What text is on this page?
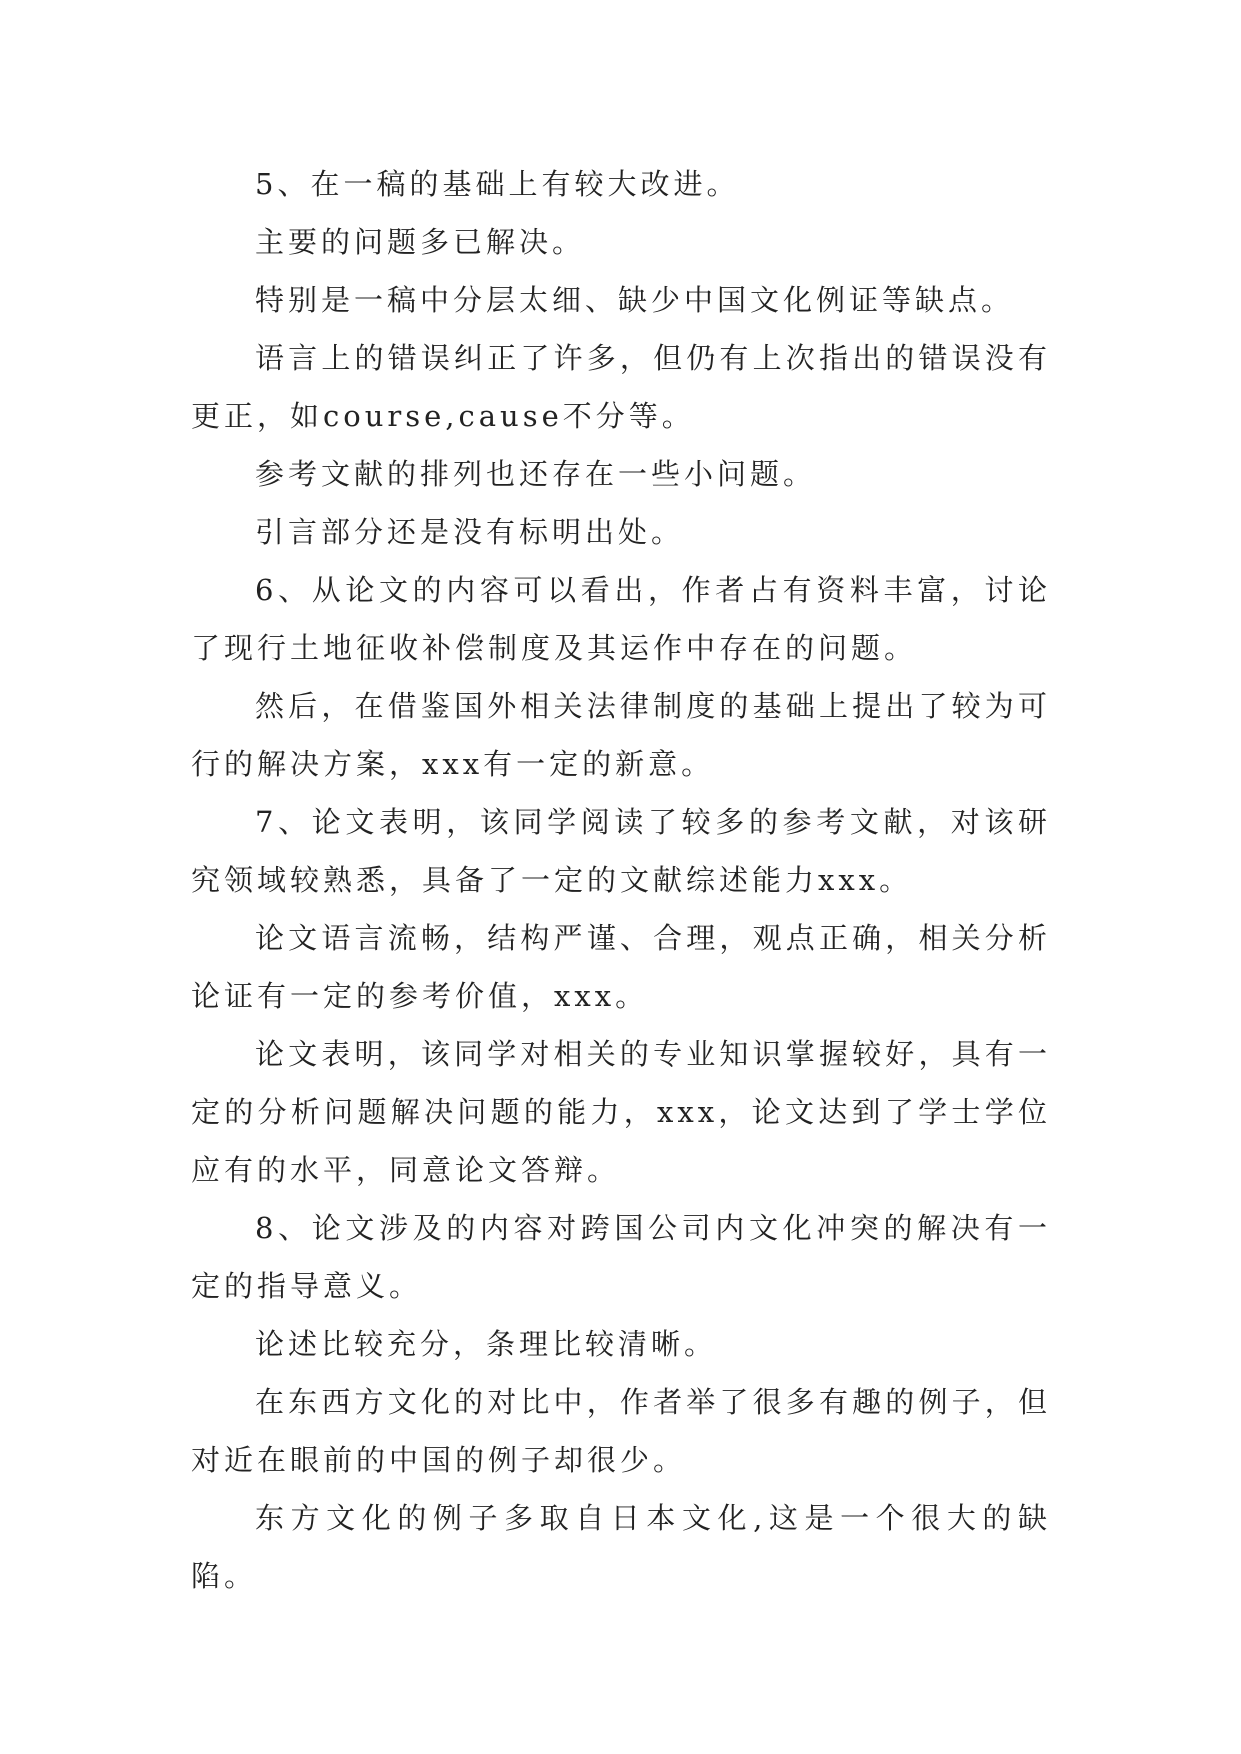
5、在一稿的基础上有较大改进。

主要的问题多已解决。

特别是一稿中分层太细、缺少中国文化例证等缺点。

语言上的错误纠正了许多，但仍有上次指出的错误没有更正，如course,cause不分等。

参考文献的排列也还存在一些小问题。

引言部分还是没有标明出处。

6、从论文的内容可以看出，作者占有资料丰富，讨论了现行土地征收补偿制度及其运作中存在的问题。

然后，在借鉴国外相关法律制度的基础上提出了较为可行的解决方案，xxx有一定的新意。

7、论文表明，该同学阅读了较多的参考文献，对该研究领域较熟悉，具备了一定的文献综述能力xxx。

论文语言流畅，结构严谨、合理，观点正确，相关分析论证有一定的参考价值，xxx。

论文表明，该同学对相关的专业知识掌握较好，具有一定的分析问题解决问题的能力，xxx，论文达到了学士学位应有的水平，同意论文答辩。

8、论文涉及的内容对跨国公司内文化冲突的解决有一定的指导意义。

论述比较充分，条理比较清晰。

在东西方文化的对比中，作者举了很多有趣的例子，但对近在眼前的中国的例子却很少。

东方文化的例子多取自日本文化,这是一个很大的缺陷。
